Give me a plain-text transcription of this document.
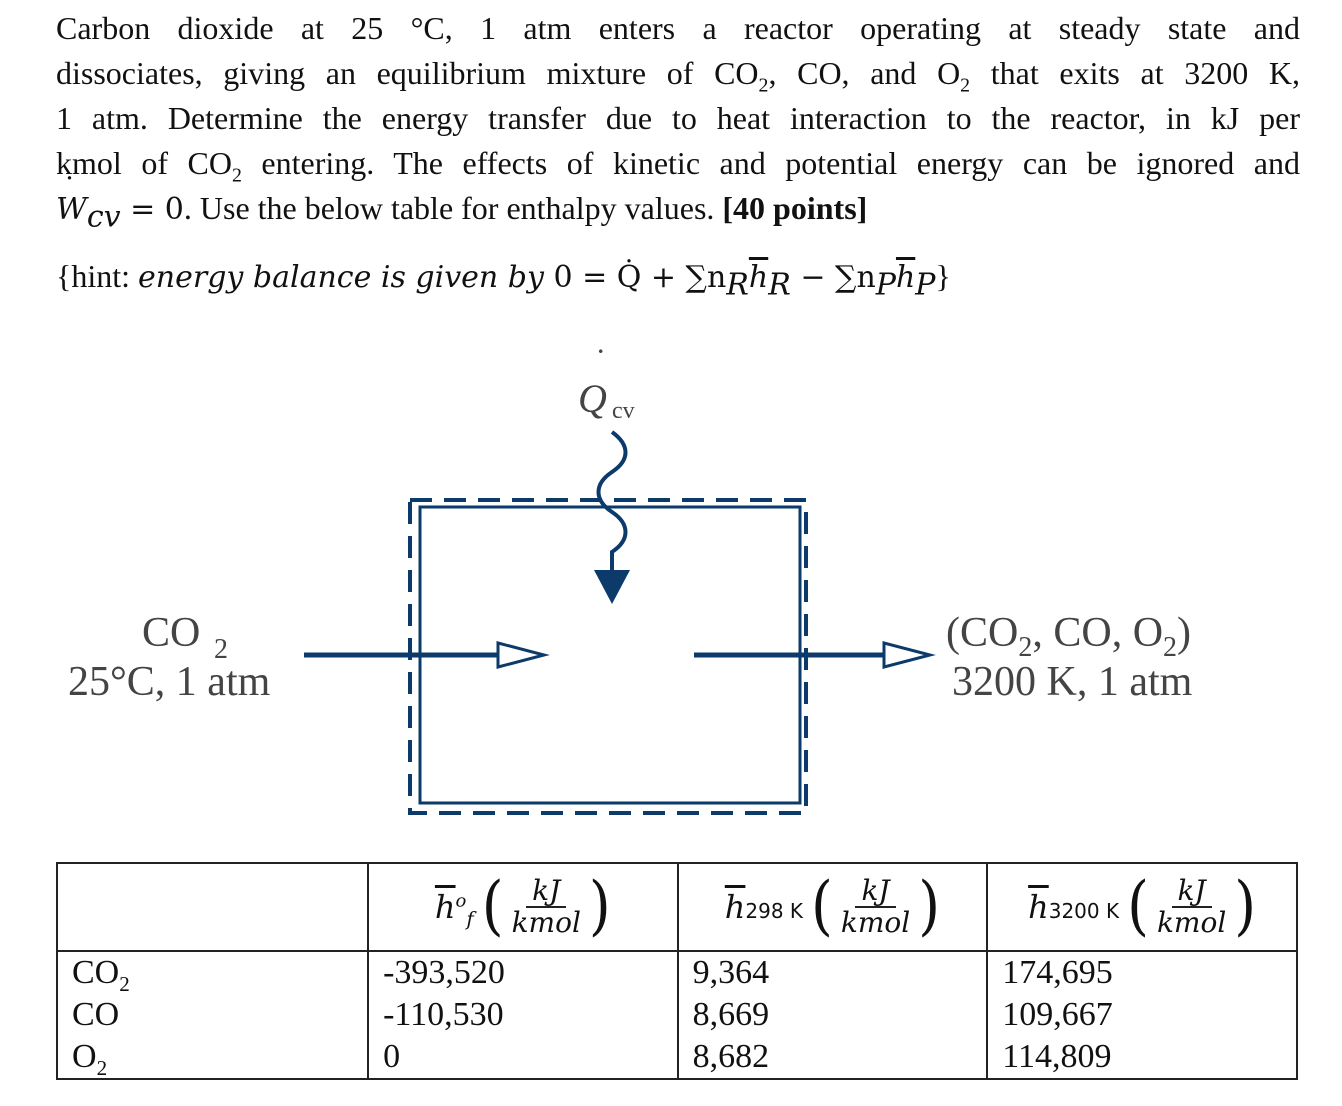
Carbon dioxide at 25 °C, 1 atm enters a reactor operating at steady state and
dissociates, giving an equilibrium mixture of $CO_2$, CO, and $O_2$ that exits at 3200 K,
1 atm. Determine the energy transfer due to heat interaction to the reactor, in kJ per
kmol of $CO_2$ entering. The effects of kinetic and potential energy can be ignored and
˙ $W_{cv} = 0$. Use the below table for enthalpy values. [40 points]
{hint: energy balance is given by 0 = Q̇ + $\sum n_R\overline{h}_R - \sum n_P\overline{h}_P$}
Q
˙
cv
CO 2
25°C, 1 atm
($CO_2$, CO, $O_2$)
3200 K, 1 atm

	$\overline{h}^o_f$ ( $\frac{kJ}{\text{kmol}}$ )	$\overline{h}298$ K ( $\frac{kJ}{\text{kmol}}$ )	$\overline{h}3200$ K ( $\frac{kJ}{\text{kmol}}$ )

$CO_2$	-393,520	9,364	174,695
CO	-110,530	8,669	109,667
$O_2$	0	8,682	114,809
